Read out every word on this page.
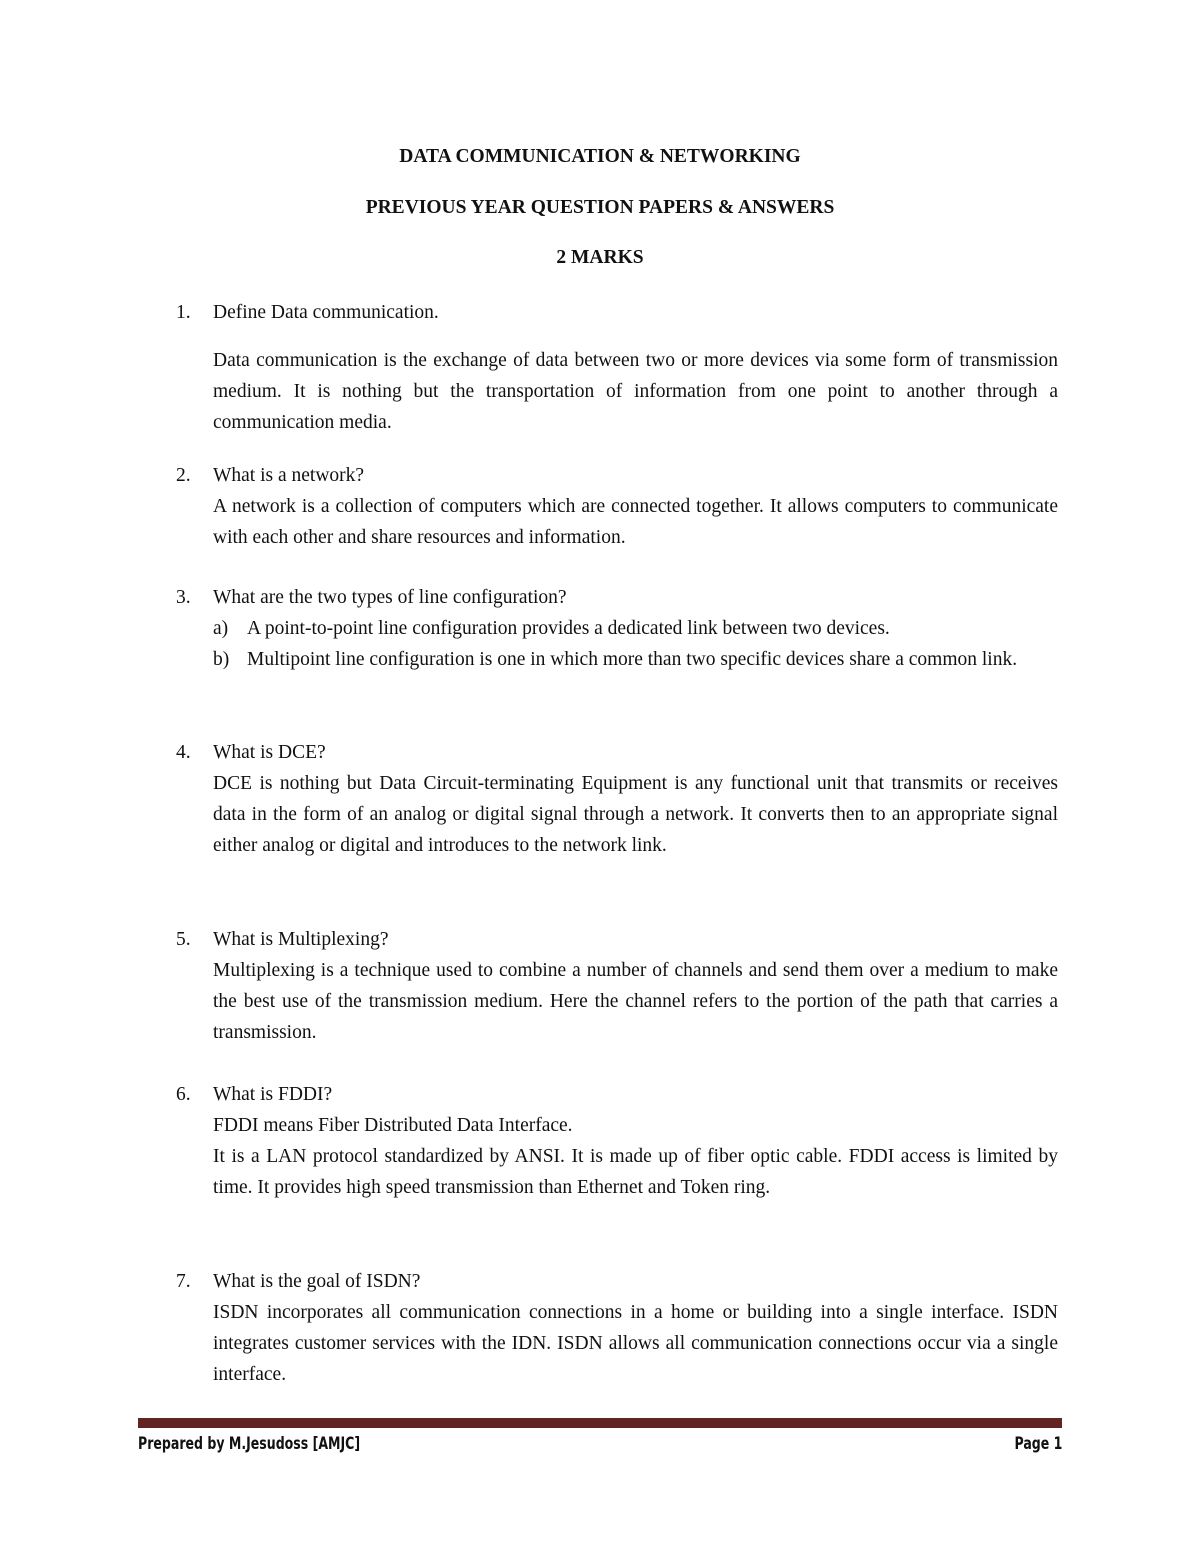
DATA COMMUNICATION & NETWORKING
PREVIOUS YEAR QUESTION PAPERS & ANSWERS
2 MARKS
1. Define Data communication.
Data communication is the exchange of data between two or more devices via some form of transmission medium. It is nothing but the transportation of information from one point to another through a communication media.
2. What is a network?
A network is a collection of computers which are connected together. It allows computers to communicate with each other and share resources and information.
3. What are the two types of line configuration?
a) A point-to-point line configuration provides a dedicated link between two devices.
b) Multipoint line configuration is one in which more than two specific devices share a common link.
4. What is DCE?
DCE is nothing but Data Circuit-terminating Equipment is any functional unit that transmits or receives data in the form of an analog or digital signal through a network. It converts then to an appropriate signal either analog or digital and introduces to the network link.
5. What is Multiplexing?
Multiplexing is a technique used to combine a number of channels and send them over a medium to make the best use of the transmission medium. Here the channel refers to the portion of the path that carries a transmission.
6. What is FDDI?
FDDI means Fiber Distributed Data Interface.
It is a LAN protocol standardized by ANSI. It is made up of fiber optic cable. FDDI access is limited by time. It provides high speed transmission than Ethernet and Token ring.
7. What is the goal of ISDN?
ISDN incorporates all communication connections in a home or building into a single interface. ISDN integrates customer services with the IDN. ISDN allows all communication connections occur via a single interface.
Prepared by M.Jesudoss [AMJC]	Page 1
